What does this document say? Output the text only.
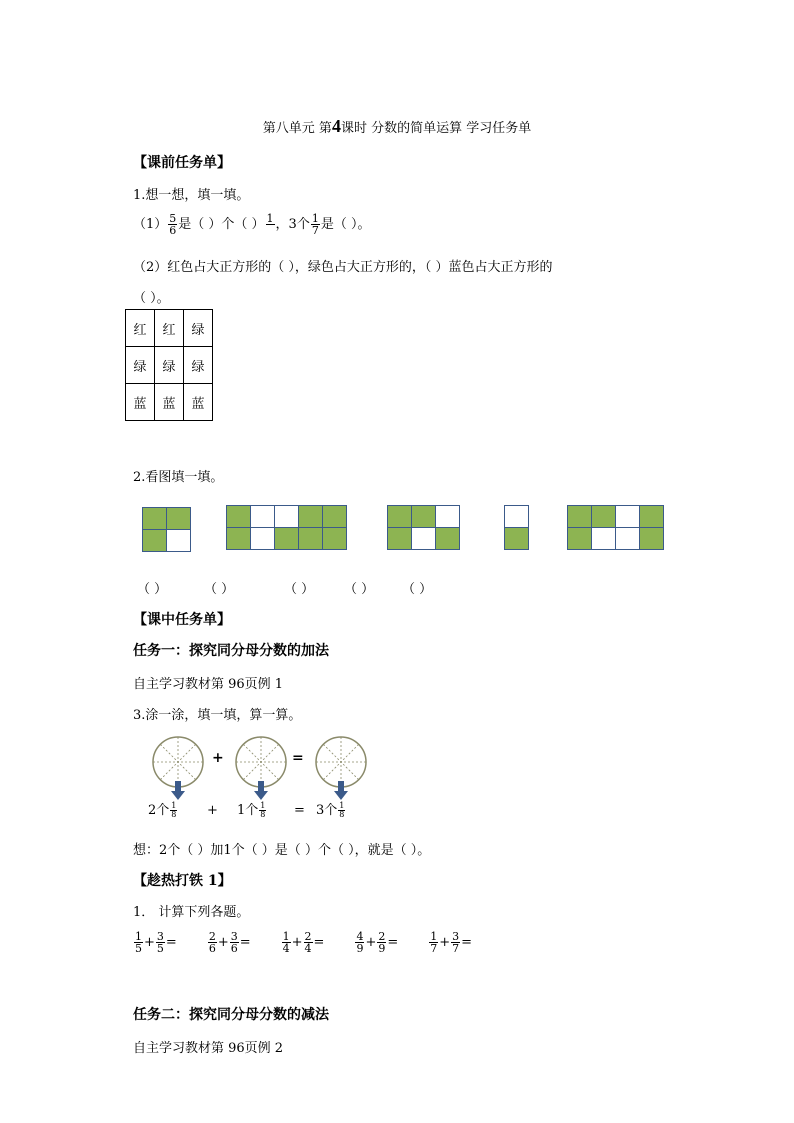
第八单元 第4课时 分数的简单运算 学习任务单
【课前任务单】
1.想一想，填一填。
$(1) \frac{5}{6}$ 是（ ）个（ ） 1 ，3个 $\frac{1}{7}$ 是（ ）。
（2）红色占大正方形的（ ），绿色占大正方形的，（ ）蓝色占大正方形的
（ ）。
红	红	绿
绿	绿	绿
蓝	蓝	蓝
2.看图填一填。
（ ）	（ ）	（ ） （ ） （ ）
【课中任务单】
任务一：探究同分母分数的加法
自主学习教材第 96页例 1
3.涂一涂，填一填，算一算。
+	=
2个 $\frac{1}{8} + 1$个 $\frac{1}{8} = 3$个 $\frac{1}{8}$
想：2个（ ）加1个（ ）是（ ）个（ ），就是（ ）。
【趁热打铁 1】
1． 计算下列各题。
$\frac{1}{5} + \frac{3}{5}$ =	$\frac{2}{6} + \frac{3}{6}$ =	$\frac{1}{4} + \frac{2}{4}$ =	$\frac{4}{9} + \frac{2}{9}$ =	$\frac{1}{7} + \frac{3}{7}$ =
任务二：探究同分母分数的减法
自主学习教材第 96页例 2
